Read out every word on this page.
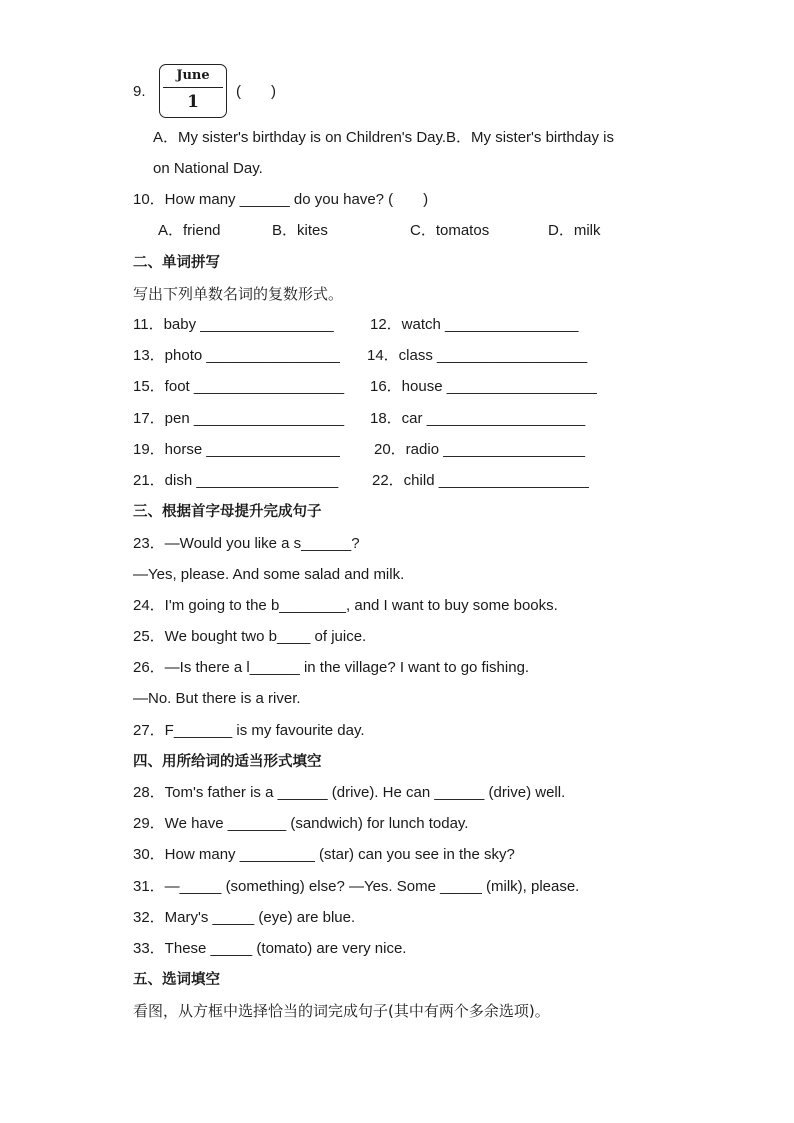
9.
June
1
(　　)
A．My sister's birthday is on Children's Day.B．My sister's birthday is
on National Day.
10．How many ______ do you have? (　　)
A．friend	B．kites	C．tomatos	D．milk
二、单词拼写
写出下列单数名词的复数形式。
11．baby ________________ 12．watch ________________
13．photo ________________ 14．class __________________
15．foot __________________ 16．house __________________
17．pen __________________ 18．car ___________________
19．horse ________________ 20．radio _________________
21．dish _________________ 22．child __________________
三、根据首字母提升完成句子
23．—Would you like a s______?
—Yes, please. And some salad and milk.
24．I'm going to the b________, and I want to buy some books.
25．We bought two b____ of juice.
26．—Is there a l______ in the village? I want to go fishing.
—No. But there is a river.
27．F_______ is my favourite day.
四、用所给词的适当形式填空
28．Tom's father is a ______ (drive). He can ______ (drive) well.
29．We have _______ (sandwich) for lunch today.
30．How many _________ (star) can you see in the sky?
31．—_____ (something) else? —Yes. Some _____ (milk), please.
32．Mary's _____ (eye) are blue.
33．These _____ (tomato) are very nice.
五、选词填空
看图，从方框中选择恰当的词完成句子(其中有两个多余选项)。
